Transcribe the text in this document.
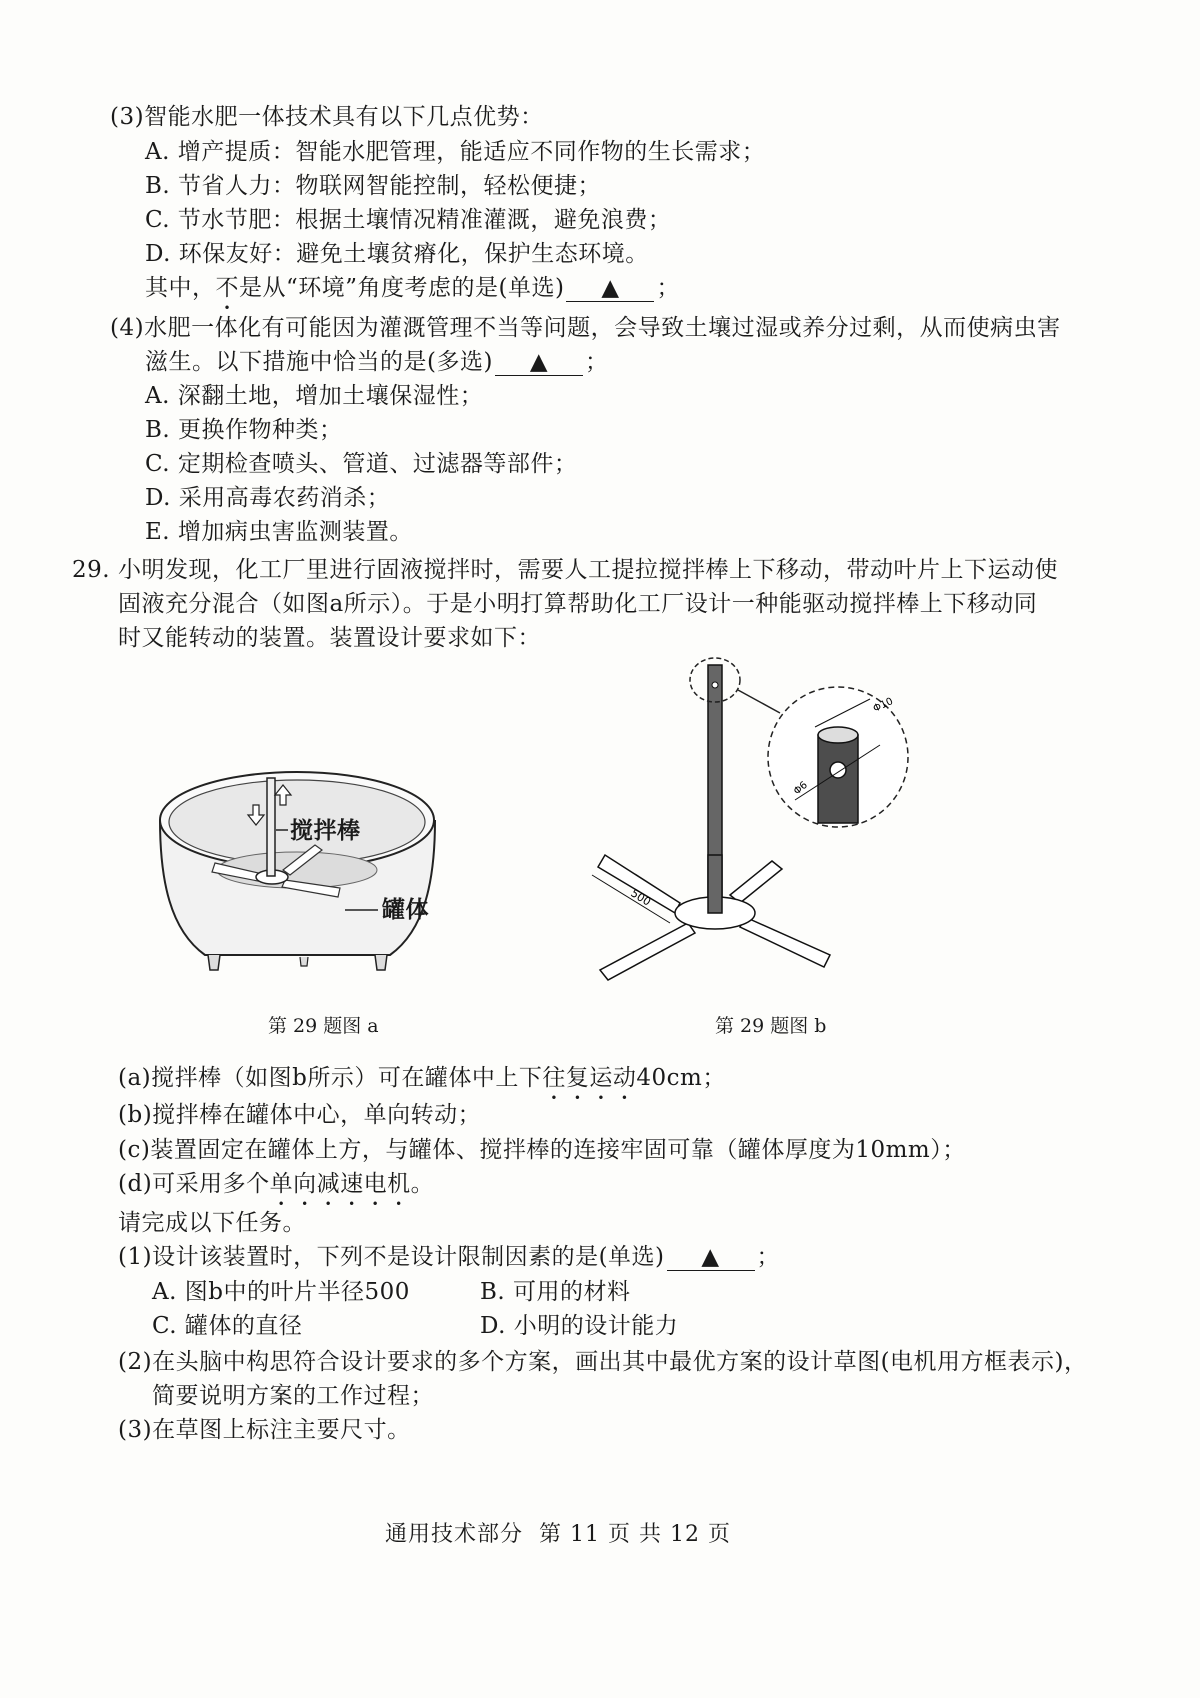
(3)智能水肥一体技术具有以下几点优势：
A. 增产提质：智能水肥管理，能适应不同作物的生长需求；
B. 节省人力：物联网智能控制，轻松便捷；
C. 节水节肥：根据土壤情况精准灌溉，避免浪费；
D. 环保友好：避免土壤贫瘠化，保护生态环境。
其中，不是从“环境”角度考虑的是(单选) ▲ ；
(4)水肥一体化有可能因为灌溉管理不当等问题，会导致土壤过湿或养分过剩，从而使病虫害
滋生。以下措施中恰当的是(多选) ▲ ；
A. 深翻土地，增加土壤保湿性；
B. 更换作物种类；
C. 定期检查喷头、管道、过滤器等部件；
D. 采用高毒农药消杀；
E. 增加病虫害监测装置。
29. 小明发现，化工厂里进行固液搅拌时，需要人工提拉搅拌棒上下移动，带动叶片上下运动使
固液充分混合（如图a所示）。于是小明打算帮助化工厂设计一种能驱动搅拌棒上下移动同
时又能转动的装置。装置设计要求如下：
搅拌棒
罐体
Φ10
Φ6
500
第 29 题图 a	第 29 题图 b
(a)搅拌棒（如图b所示）可在罐体中上下往复运动40cm；
(b)搅拌棒在罐体中心，单向转动；
(c)装置固定在罐体上方，与罐体、搅拌棒的连接牢固可靠（罐体厚度为10mm）；
(d)可采用多个单向减速电机。
请完成以下任务。
(1)设计该装置时，下列不是设计限制因素的是(单选) ▲ ；
A. 图b中的叶片半径500	B. 可用的材料
C. 罐体的直径	D. 小明的设计能力
(2)在头脑中构思符合设计要求的多个方案，画出其中最优方案的设计草图(电机用方框表示)，
简要说明方案的工作过程；
(3)在草图上标注主要尺寸。
通用技术部分  第 11 页 共 12 页
